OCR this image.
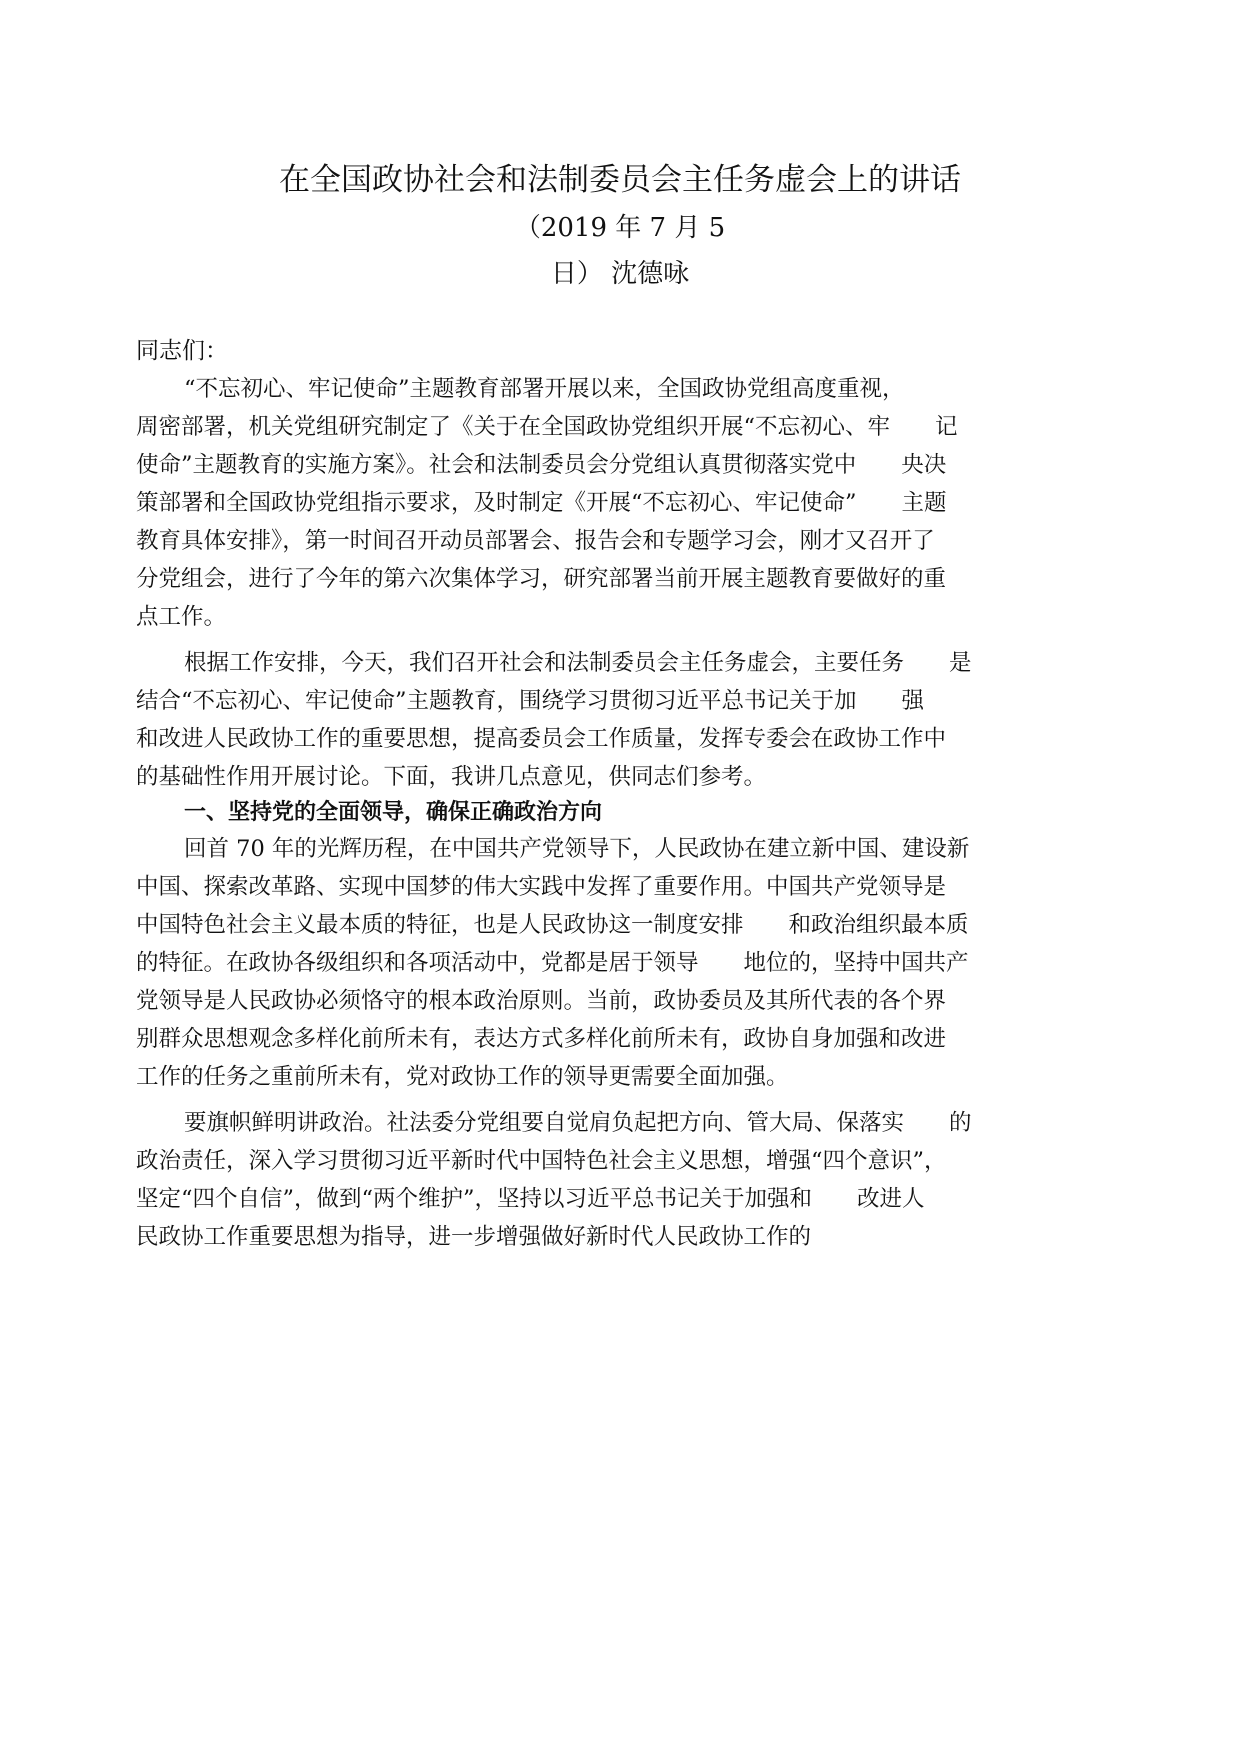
在全国政协社会和法制委员会主任务虚会上的讲话
（2019 年 7 月 5
日） 沈德咏

同志们：

“不忘初心、牢记使命”主题教育部署开展以来，全国政协党组高度重视，

周密部署，机关党组研究制定了《关于在全国政协党组织开展“不忘初心、牢　　记

使命”主题教育的实施方案》。社会和法制委员会分党组认真贯彻落实党中　　央决

策部署和全国政协党组指示要求，及时制定《开展“不忘初心、牢记使命”　　主题

教育具体安排》，第一时间召开动员部署会、报告会和专题学习会，刚才又召开了

分党组会，进行了今年的第六次集体学习，研究部署当前开展主题教育要做好的重

点工作。

根据工作安排，今天，我们召开社会和法制委员会主任务虚会，主要任务　　是

结合“不忘初心、牢记使命”主题教育，围绕学习贯彻习近平总书记关于加　　强

和改进人民政协工作的重要思想，提高委员会工作质量，发挥专委会在政协工作中

的基础性作用开展讨论。下面，我讲几点意见，供同志们参考。

一、坚持党的全面领导，确保正确政治方向

回首 70 年的光辉历程，在中国共产党领导下，人民政协在建立新中国、建设新

中国、探索改革路、实现中国梦的伟大实践中发挥了重要作用。中国共产党领导是

中国特色社会主义最本质的特征，也是人民政协这一制度安排　　和政治组织最本质

的特征。在政协各级组织和各项活动中，党都是居于领导　　地位的，坚持中国共产

党领导是人民政协必须恪守的根本政治原则。当前，政协委员及其所代表的各个界

别群众思想观念多样化前所未有，表达方式多样化前所未有，政协自身加强和改进

工作的任务之重前所未有，党对政协工作的领导更需要全面加强。

要旗帜鲜明讲政治。社法委分党组要自觉肩负起把方向、管大局、保落实　　的

政治责任，深入学习贯彻习近平新时代中国特色社会主义思想，增强“四个意识”，

坚定“四个自信”，做到“两个维护”，坚持以习近平总书记关于加强和　　改进人

民政协工作重要思想为指导，进一步增强做好新时代人民政协工作的
